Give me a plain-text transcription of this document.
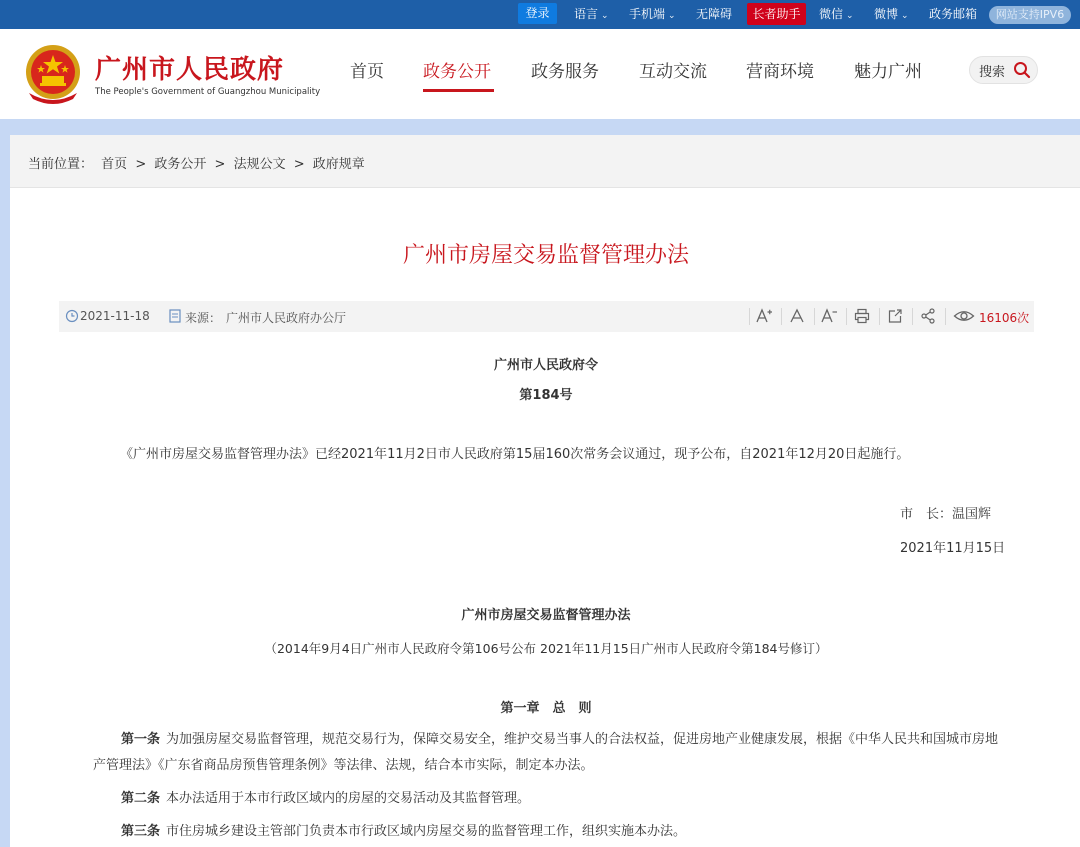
登录	语言 ⌄ 手机端 ⌄ 无障碍	长者助手	微信 ⌄ 微博 ⌄ 政务邮箱	网站支持IPV6
广州市人民政府
The People's Government of Guangzhou Municipality
首页 政务公开 政务服务 互动交流 营商环境 魅力广州	搜索
当前位置： 首页 > 政务公开 > 法规公文 > 政府规章
广州市房屋交易监督管理办法
2021-11-18	来源： 广州市人民政府办公厅	16106次
广州市人民政府令
第184号
《广州市房屋交易监督管理办法》已经2021年11月2日市人民政府第15届160次常务会议通过，现予公布，自2021年12月20日起施行。
市　长：温国辉
2021年11月15日
广州市房屋交易监督管理办法
（2014年9月4日广州市人民政府令第106号公布 2021年11月15日广州市人民政府令第184号修订）
第一章　总　则
第一条 为加强房屋交易监督管理，规范交易行为，保障交易安全，维护交易当事人的合法权益，促进房地产业健康发展，根据《中华人民共和国城市房地产管理法》《广东省商品房预售管理条例》等法律、法规，结合本市实际，制定本办法。
第二条 本办法适用于本市行政区域内的房屋的交易活动及其监督管理。
第三条 市住房城乡建设主管部门负责本市行政区域内房屋交易的监督管理工作，组织实施本办法。
